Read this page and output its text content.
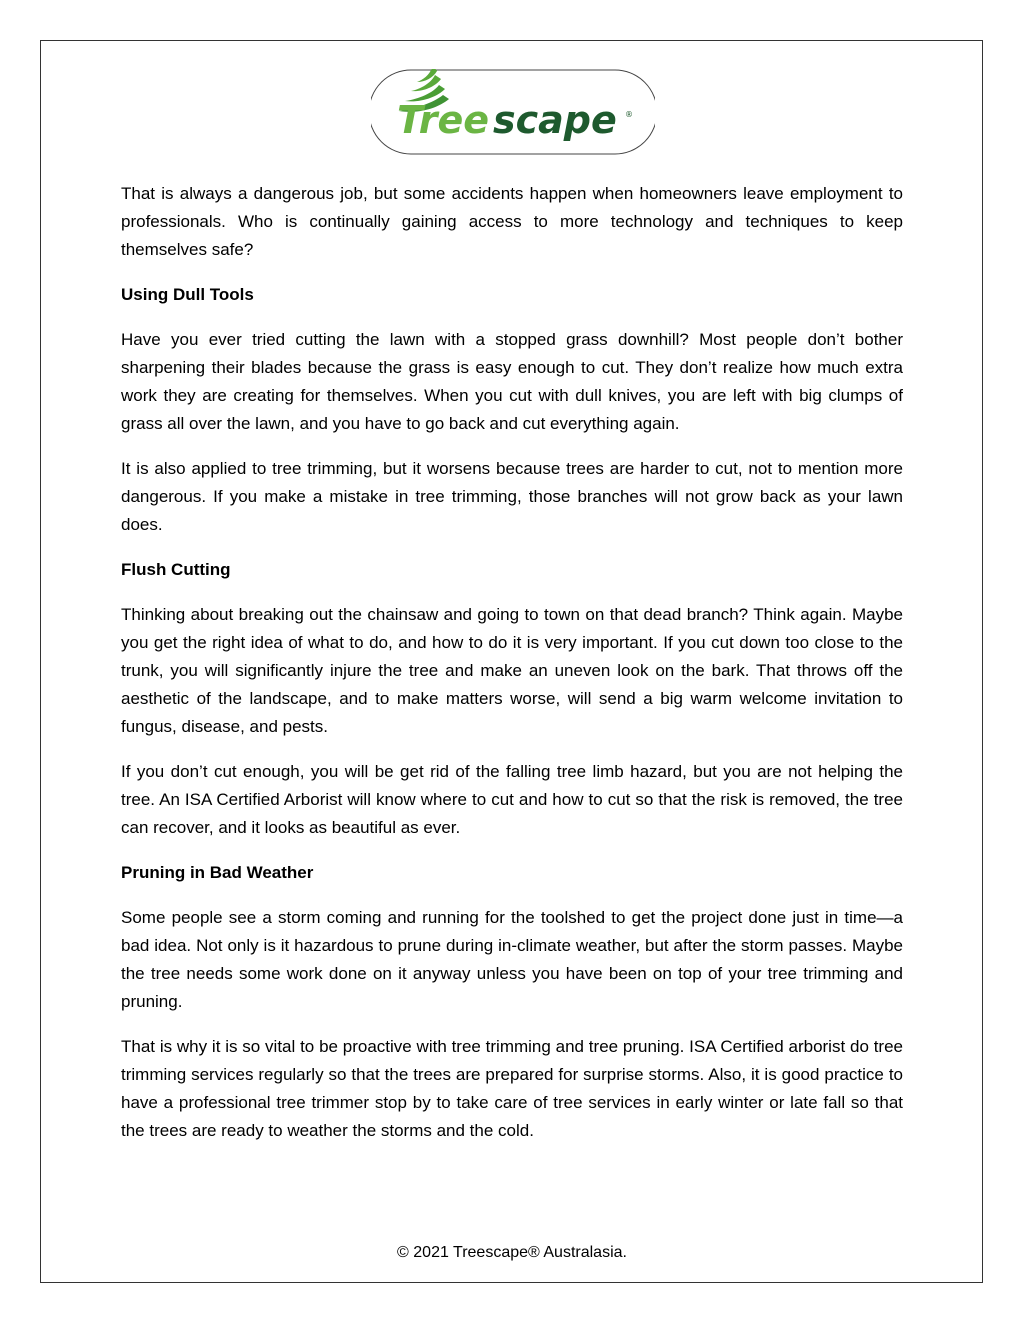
Tree scape ®

That is always a dangerous job, but some accidents happen when homeowners leave employment to professionals. Who is continually gaining access to more technology and techniques to keep themselves safe?

Using Dull Tools

Have you ever tried cutting the lawn with a stopped grass downhill? Most people don’t bother sharpening their blades because the grass is easy enough to cut. They don’t realize how much extra work they are creating for themselves. When you cut with dull knives, you are left with big clumps of grass all over the lawn, and you have to go back and cut everything again.

It is also applied to tree trimming, but it worsens because trees are harder to cut, not to mention more dangerous. If you make a mistake in tree trimming, those branches will not grow back as your lawn does.

Flush Cutting

Thinking about breaking out the chainsaw and going to town on that dead branch? Think again. Maybe you get the right idea of what to do, and how to do it is very important. If you cut down too close to the trunk, you will significantly injure the tree and make an uneven look on the bark. That throws off the aesthetic of the landscape, and to make matters worse, will send a big warm welcome invitation to fungus, disease, and pests.

If you don’t cut enough, you will be get rid of the falling tree limb hazard, but you are not helping the tree. An ISA Certified Arborist will know where to cut and how to cut so that the risk is removed, the tree can recover, and it looks as beautiful as ever.

Pruning in Bad Weather

Some people see a storm coming and running for the toolshed to get the project done just in time—a bad idea. Not only is it hazardous to prune during in-climate weather, but after the storm passes. Maybe the tree needs some work done on it anyway unless you have been on top of your tree trimming and pruning.

That is why it is so vital to be proactive with tree trimming and tree pruning. ISA Certified arborist do tree trimming services regularly so that the trees are prepared for surprise storms. Also, it is good practice to have a professional tree trimmer stop by to take care of tree services in early winter or late fall so that the trees are ready to weather the storms and the cold.

© 2021 Treescape® Australasia.
